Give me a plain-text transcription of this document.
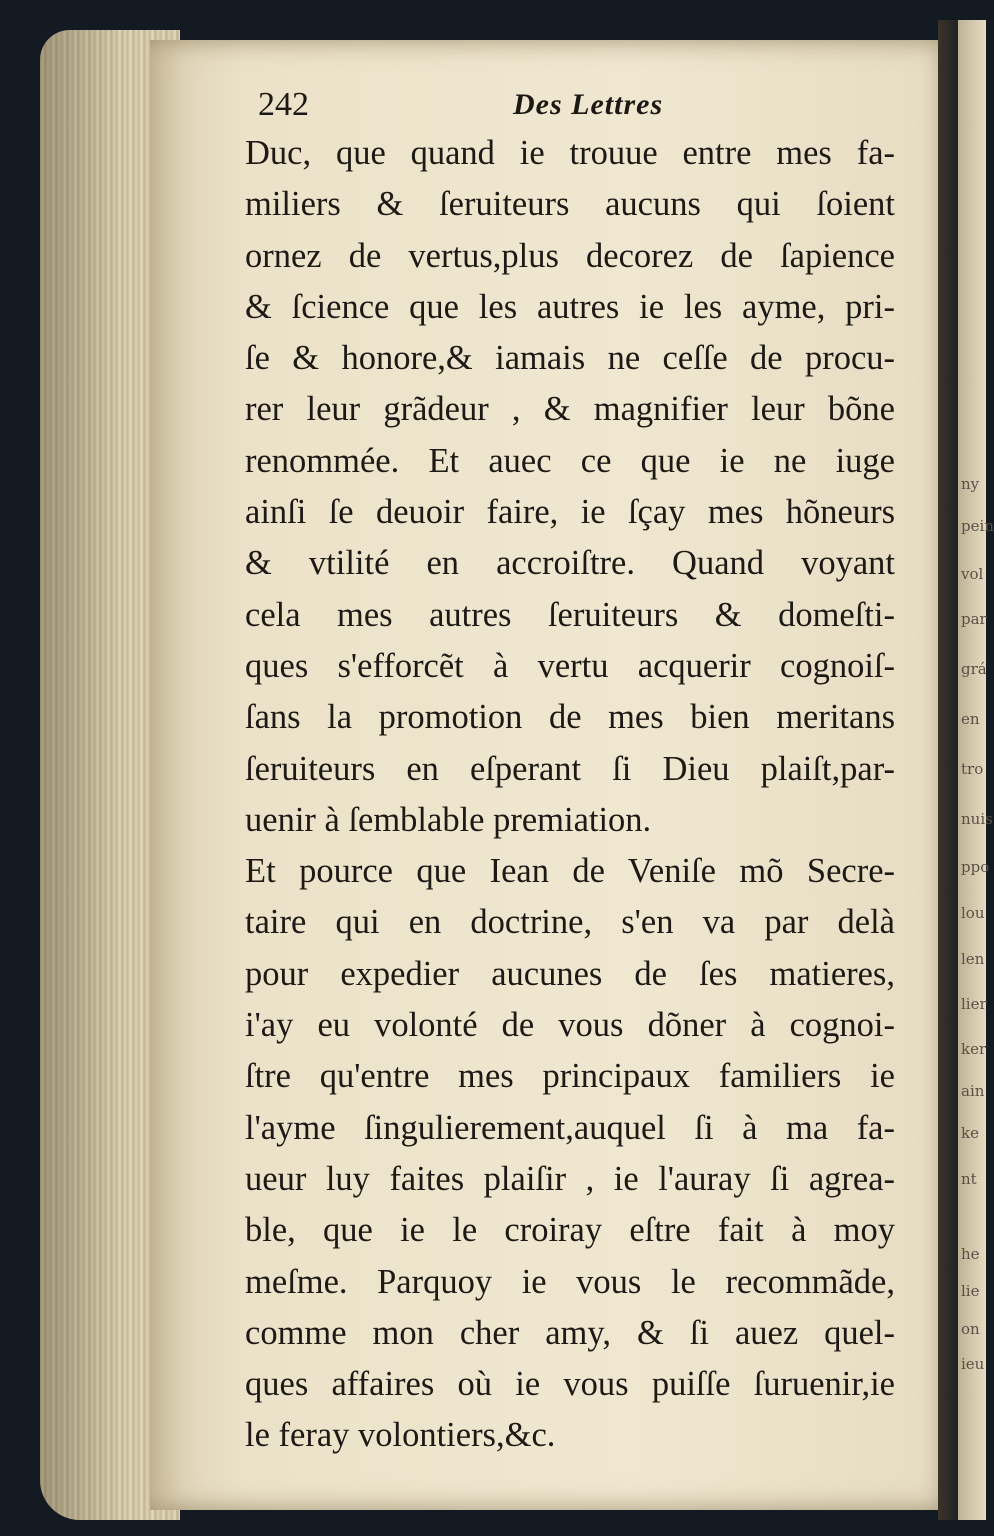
ny
pein
vol
par
grá
en
tro
nuis
ppo
lou
len
lier
ker
ain
ke
nt
he
lie
on
ieu
242	Des Lettres
Duc, que quand ie trouue entre mes fa-
miliers & ſeruiteurs aucuns qui ſoient
ornez de vertus,plus decorez de ſapience
& ſcience que les autres ie les ayme, pri-
ſe & honore,& iamais ne ceſſe de procu-
rer leur grãdeur , & magnifier leur bõne
renommée. Et auec ce que ie ne iuge
ainſi ſe deuoir faire, ie ſçay mes hõneurs
& vtilité en accroiſtre. Quand voyant
cela mes autres ſeruiteurs & domeſti-
ques s'efforcẽt à vertu acquerir cognoiſ-
ſans la promotion de mes bien meritans
ſeruiteurs en eſperant ſi Dieu plaiſt,par-
uenir à ſemblable premiation.
Et pource que Iean de Veniſe mõ Secre-
taire qui en doctrine, s'en va par delà
pour expedier aucunes de ſes matieres,
i'ay eu volonté de vous dõner à cognoi-
ſtre qu'entre mes principaux familiers ie
l'ayme ſingulierement,auquel ſi à ma fa-
ueur luy faites plaiſir , ie l'auray ſi agrea-
ble, que ie le croiray eſtre fait à moy
meſme. Parquoy ie vous le recommãde,
comme mon cher amy, & ſi auez quel-
ques affaires où ie vous puiſſe ſuruenir,ie
le feray volontiers,&c.
